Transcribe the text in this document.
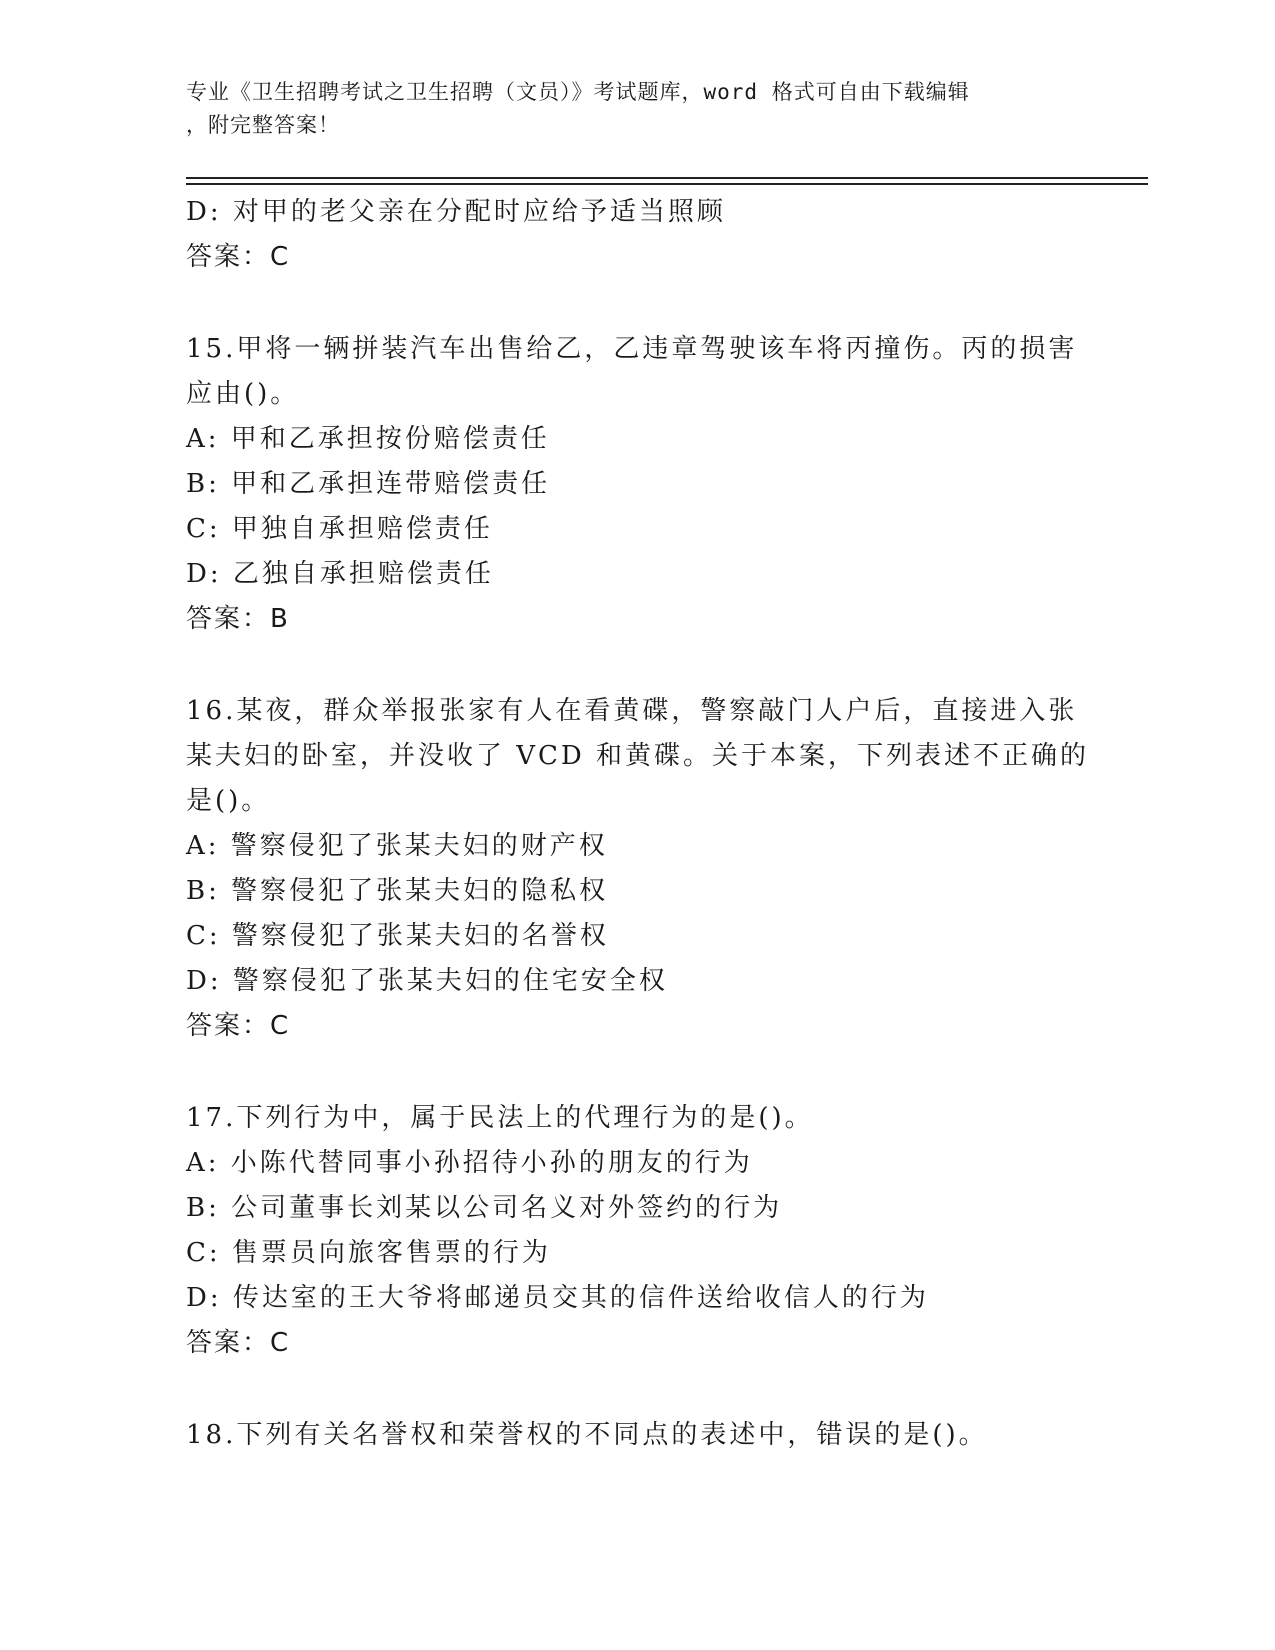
专业《卫生招聘考试之卫生招聘（文员）》考试题库，word 格式可自由下载编辑
，附完整答案！
D: 对甲的老父亲在分配时应给予适当照顾
答案：C
15.甲将一辆拼装汽车出售给乙，乙违章驾驶该车将丙撞伤。丙的损害
应由()。
A: 甲和乙承担按份赔偿责任
B: 甲和乙承担连带赔偿责任
C: 甲独自承担赔偿责任
D: 乙独自承担赔偿责任
答案：B
16.某夜，群众举报张家有人在看黄碟，警察敲门人户后，直接进入张
某夫妇的卧室，并没收了 VCD 和黄碟。关于本案，下列表述不正确的
是()。
A: 警察侵犯了张某夫妇的财产权
B: 警察侵犯了张某夫妇的隐私权
C: 警察侵犯了张某夫妇的名誉权
D: 警察侵犯了张某夫妇的住宅安全权
答案：C
17.下列行为中，属于民法上的代理行为的是()。
A: 小陈代替同事小孙招待小孙的朋友的行为
B: 公司董事长刘某以公司名义对外签约的行为
C: 售票员向旅客售票的行为
D: 传达室的王大爷将邮递员交其的信件送给收信人的行为
答案：C
18.下列有关名誉权和荣誉权的不同点的表述中，错误的是()。
